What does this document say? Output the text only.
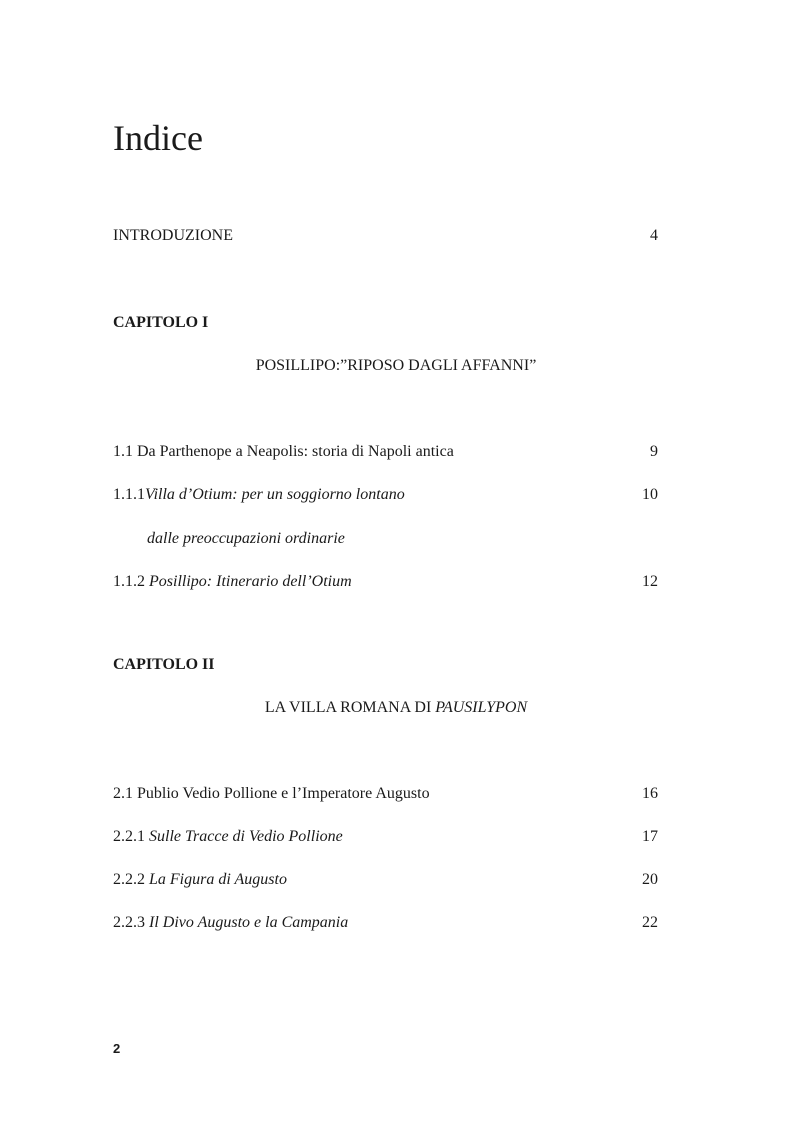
Indice
INTRODUZIONE	4
CAPITOLO I
POSILLIPO:”RIPOSO DAGLI AFFANNI”
1.1 Da Parthenope a Neapolis: storia di Napoli antica	9
1.1.1Villa d’Otium: per un soggiorno lontano	10
dalle preoccupazioni ordinarie
1.1.2 Posillipo: Itinerario dell’Otium	12
CAPITOLO II
LA VILLA ROMANA DI PAUSILYPON
2.1 Publio Vedio Pollione e l’Imperatore Augusto	16
2.2.1 Sulle Tracce di Vedio Pollione	17
2.2.2 La Figura di Augusto	20
2.2.3 Il Divo Augusto e la Campania	22
2
